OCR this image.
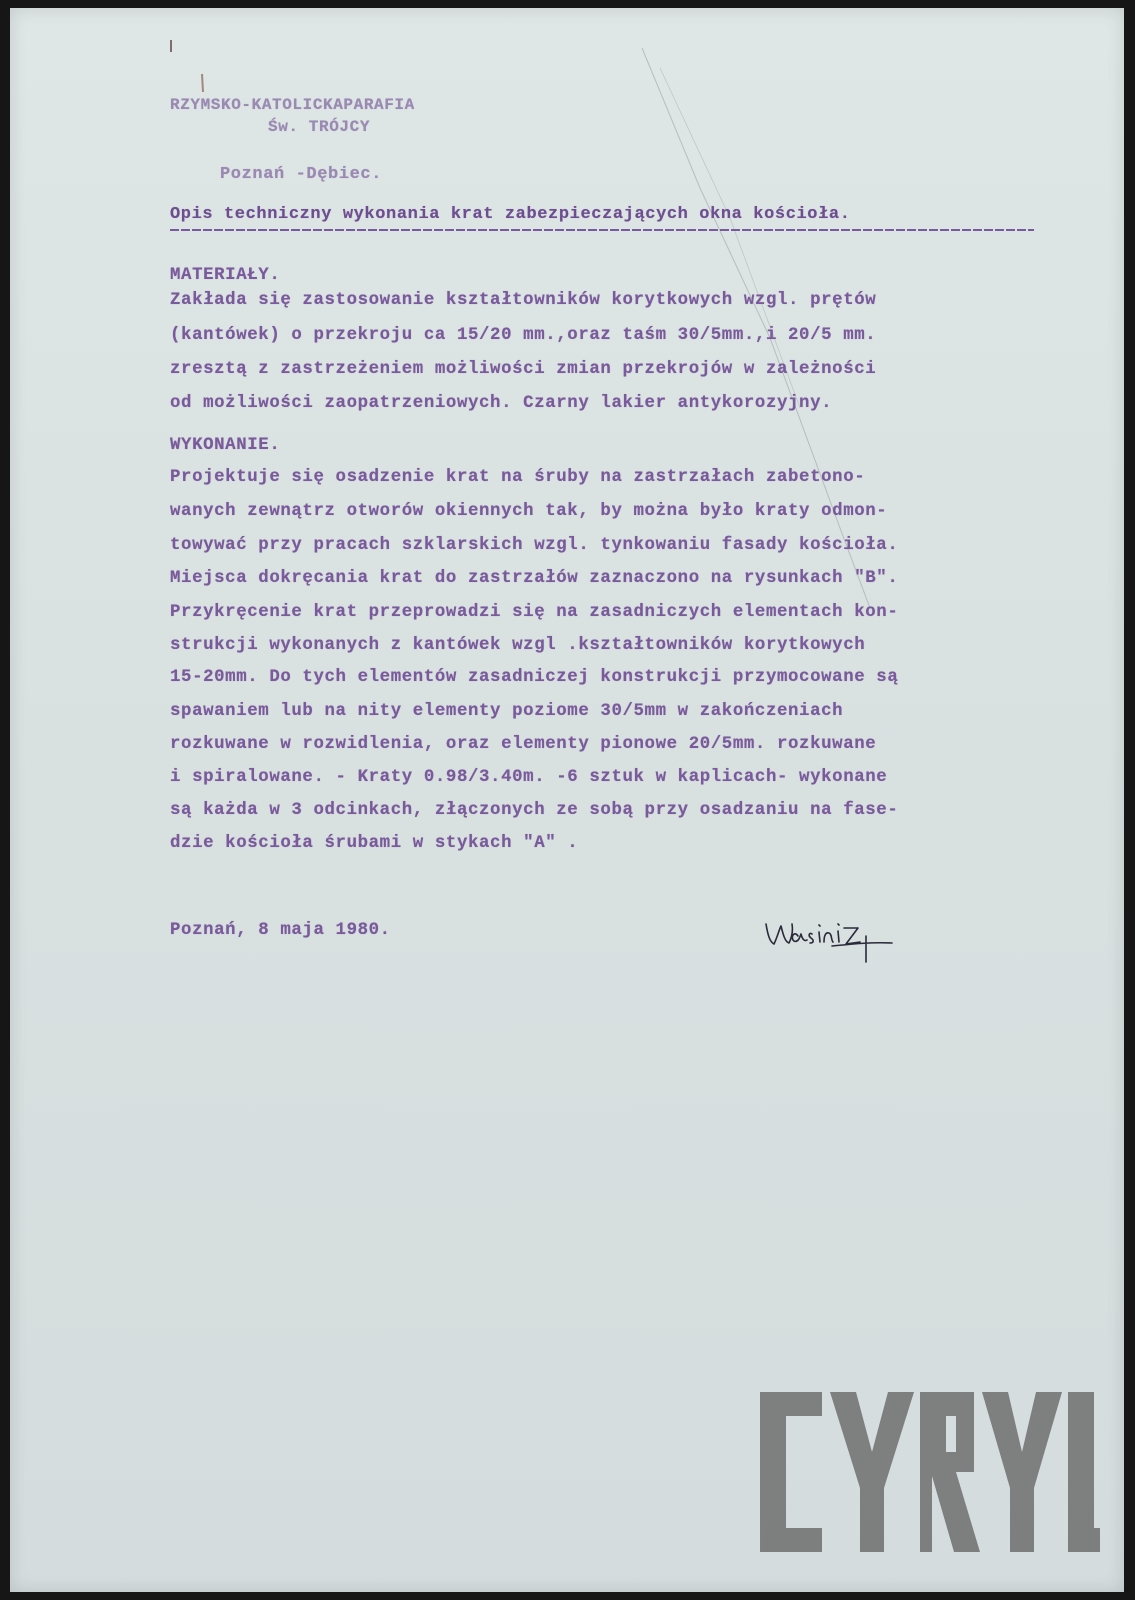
RZYMSKO-KATOLICKAPARAFIA
Św. TRÓJCY
Poznań -Dębiec.
Opis techniczny wykonania krat zabezpieczających okna kościoła.
MATERIAŁY.
Zakłada się zastosowanie kształtowników korytkowych wzgl. prętów
(kantówek) o przekroju ca 15/20 mm.,oraz taśm 30/5mm.,i 20/5 mm.
zresztą z zastrzeżeniem możliwości zmian przekrojów w zależności
od możliwości zaopatrzeniowych. Czarny lakier antykorozyjny.
WYKONANIE.
Projektuje się osadzenie krat na śruby na zastrzałach zabetono-
wanych zewnątrz otworów okiennych tak, by można było kraty odmon-
towywać przy pracach szklarskich wzgl. tynkowaniu fasady kościoła.
Miejsca dokręcania krat do zastrzałów zaznaczono na rysunkach "B".
Przykręcenie krat przeprowadzi się na zasadniczych elementach kon-
strukcji wykonanych z kantówek wzgl .kształtowników korytkowych
15-20mm. Do tych elementów zasadniczej konstrukcji przymocowane są
spawaniem lub na nity elementy poziome 30/5mm w zakończeniach
rozkuwane w rozwidlenia, oraz elementy pionowe 20/5mm. rozkuwane
i spiralowane. - Kraty 0.98/3.40m. -6 sztuk w kaplicach- wykonane
są każda w 3 odcinkach, złączonych ze sobą przy osadzaniu na fase-
dzie kościoła śrubami w stykach "A" .
Poznań, 8 maja 1980.
